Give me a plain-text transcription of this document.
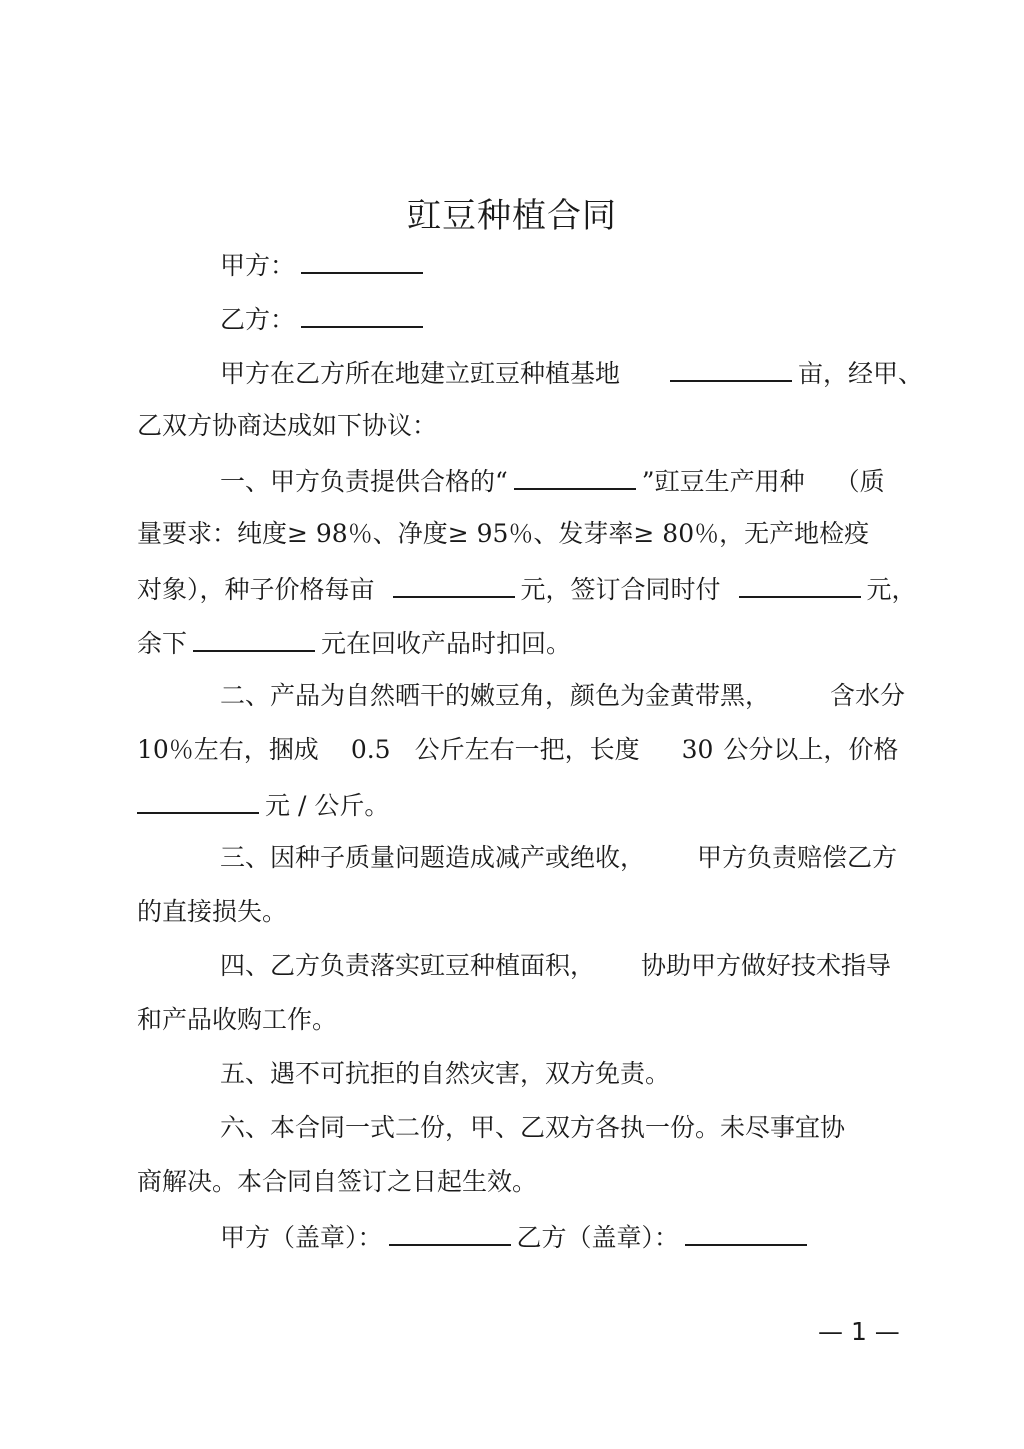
豇豆种植合同
甲方：
乙方：
甲方在乙方所在地建立豇豆种植基地	亩，经甲、
乙双方协商达成如下协议：
一、甲方负责提供合格的“	”豇豆生产用种 （质
量要求：纯度≥ 98％、净度≥ 95％、发芽率≥ 80％，无产地检疫
对象），种子价格每亩	元，签订合同时付	元，
余下	元在回收产品时扣回。
二、产品为自然晒干的嫩豆角，颜色为金黄带黑， 含水分
10％左右，捆成 0.5 公斤左右一把，长度 30 公分以上，价格
元 / 公斤。
三、因种子质量问题造成减产或绝收， 甲方负责赔偿乙方
的直接损失。
四、乙方负责落实豇豆种植面积， 协助甲方做好技术指导
和产品收购工作。
五、遇不可抗拒的自然灾害，双方免责。
六、本合同一式二份，甲、乙双方各执一份。未尽事宜协
商解决。本合同自签订之日起生效。
甲方（盖章）：	乙方（盖章）：
— 1 —
